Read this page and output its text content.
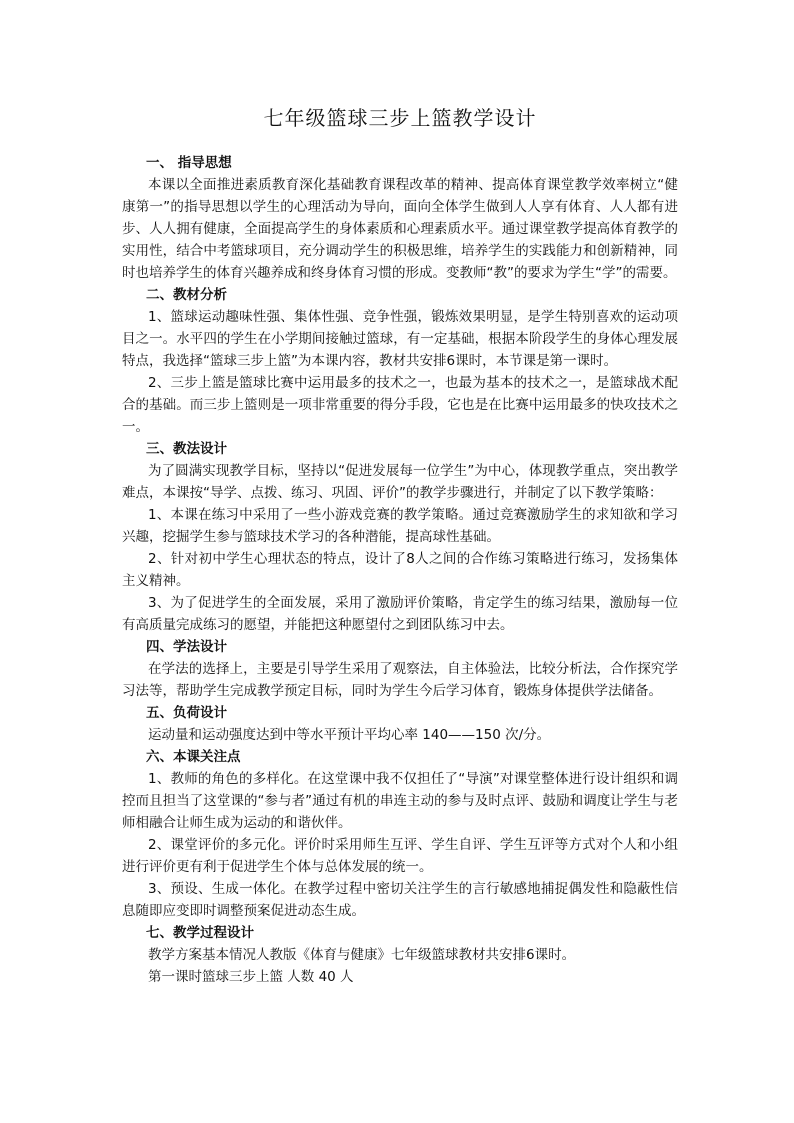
七年级篮球三步上篮教学设计
一、 指导思想
本课以全面推进素质教育深化基础教育课程改革的精神、提高体育课堂教学效率树立“健康第一”的指导思想以学生的心理活动为导向，面向全体学生做到人人享有体育、人人都有进步、人人拥有健康，全面提高学生的身体素质和心理素质水平。通过课堂教学提高体育教学的实用性，结合中考篮球项目，充分调动学生的积极思维，培养学生的实践能力和创新精神，同时也培养学生的体育兴趣养成和终身体育习惯的形成。变教师“教”的要求为学生“学”的需要。
二、教材分析
1、篮球运动趣味性强、集体性强、竞争性强，锻炼效果明显，是学生特别喜欢的运动项目之一。水平四的学生在小学期间接触过篮球，有一定基础，根据本阶段学生的身体心理发展特点，我选择“篮球三步上篮”为本课内容，教材共安排6课时，本节课是第一课时。
2、三步上篮是篮球比赛中运用最多的技术之一，也最为基本的技术之一，是篮球战术配合的基础。而三步上篮则是一项非常重要的得分手段，它也是在比赛中运用最多的快攻技术之一。
三、教法设计
为了圆满实现教学目标，坚持以“促进发展每一位学生”为中心，体现教学重点，突出教学难点，本课按“导学、点拨、练习、巩固、评价”的教学步骤进行，并制定了以下教学策略：
1、本课在练习中采用了一些小游戏竞赛的教学策略。通过竞赛激励学生的求知欲和学习兴趣，挖掘学生参与篮球技术学习的各种潜能，提高球性基础。
2、针对初中学生心理状态的特点，设计了8人之间的合作练习策略进行练习，发扬集体主义精神。
3、为了促进学生的全面发展，采用了激励评价策略，肯定学生的练习结果，激励每一位有高质量完成练习的愿望，并能把这种愿望付之到团队练习中去。
四、学法设计
在学法的选择上，主要是引导学生采用了观察法，自主体验法，比较分析法，合作探究学习法等，帮助学生完成教学预定目标，同时为学生今后学习体育，锻炼身体提供学法储备。
五、负荷设计
运动量和运动强度达到中等水平预计平均心率 140——150 次/分。
六、本课关注点
1、教师的角色的多样化。在这堂课中我不仅担任了“导演”对课堂整体进行设计组织和调控而且担当了这堂课的“参与者”通过有机的串连主动的参与及时点评、鼓励和调度让学生与老师相融合让师生成为运动的和谐伙伴。
2、课堂评价的多元化。评价时采用师生互评、学生自评、学生互评等方式对个人和小组进行评价更有利于促进学生个体与总体发展的统一。
3、预设、生成一体化。在教学过程中密切关注学生的言行敏感地捕捉偶发性和隐蔽性信息随即应变即时调整预案促进动态生成。
七、教学过程设计
教学方案基本情况人教版《体育与健康》七年级篮球教材共安排6课时。
第一课时篮球三步上篮 人数 40 人
